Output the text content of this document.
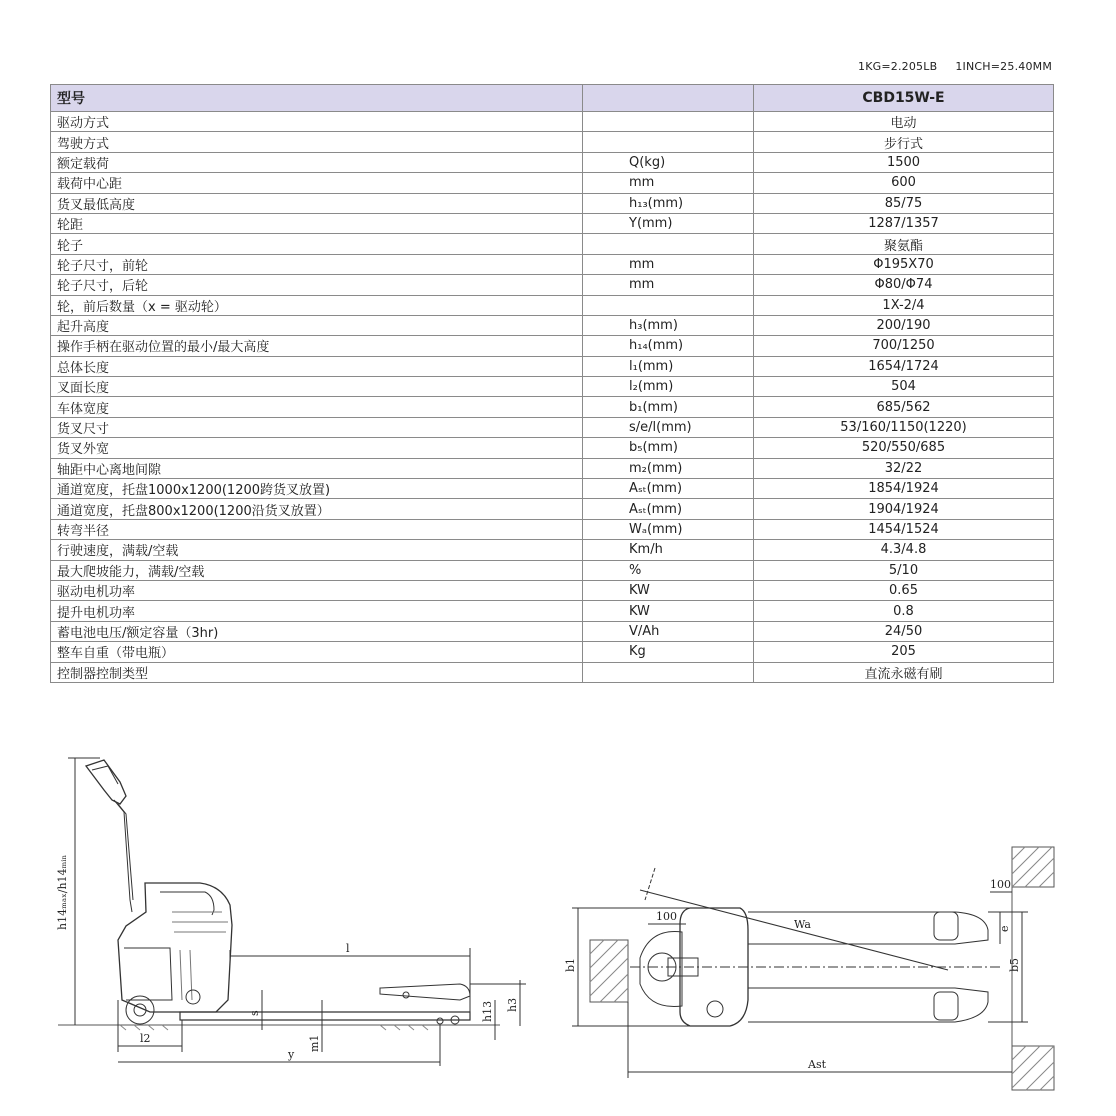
1KG=2.205LB 1INCH=25.40MM
型号		CBD15W-E
驱动方式		电动
驾驶方式		步行式
额定载荷	Q(kg)	1500
载荷中心距	mm	600
货叉最低高度	h₁₃(mm)	85/75
轮距	Y(mm)	1287/1357
轮子		聚氨酯
轮子尺寸，前轮	mm	Φ195X70
轮子尺寸，后轮	mm	Φ80/Φ74
轮，前后数量（x = 驱动轮）		1X-2/4
起升高度	h₃(mm)	200/190
操作手柄在驱动位置的最小/最大高度	h₁₄(mm)	700/1250
总体长度	l₁(mm)	1654/1724
叉面长度	l₂(mm)	504
车体宽度	b₁(mm)	685/562
货叉尺寸	s/e/l(mm)	53/160/1150(1220)
货叉外宽	b₅(mm)	520/550/685
轴距中心离地间隙	m₂(mm)	32/22
通道宽度，托盘1000x1200(1200跨货叉放置)	Aₛₜ(mm)	1854/1924
通道宽度，托盘800x1200(1200沿货叉放置）	Aₛₜ(mm)	1904/1924
转弯半径	Wₐ(mm)	1454/1524
行驶速度，满载/空载	Km/h	4.3/4.8
最大爬坡能力，满载/空载	%	5/10
驱动电机功率	KW	0.65
提升电机功率	KW	0.8
蓄电池电压/额定容量（3hr)	V/Ah	24/50
整车自重（带电瓶）	Kg	205
控制器控制类型		直流永磁有刷
h14ₘₐₓ/h14ₘᵢₙ
l
l2
y
s
m1
h13 h3
Wa
100
100
b1	b5
e
Ast
